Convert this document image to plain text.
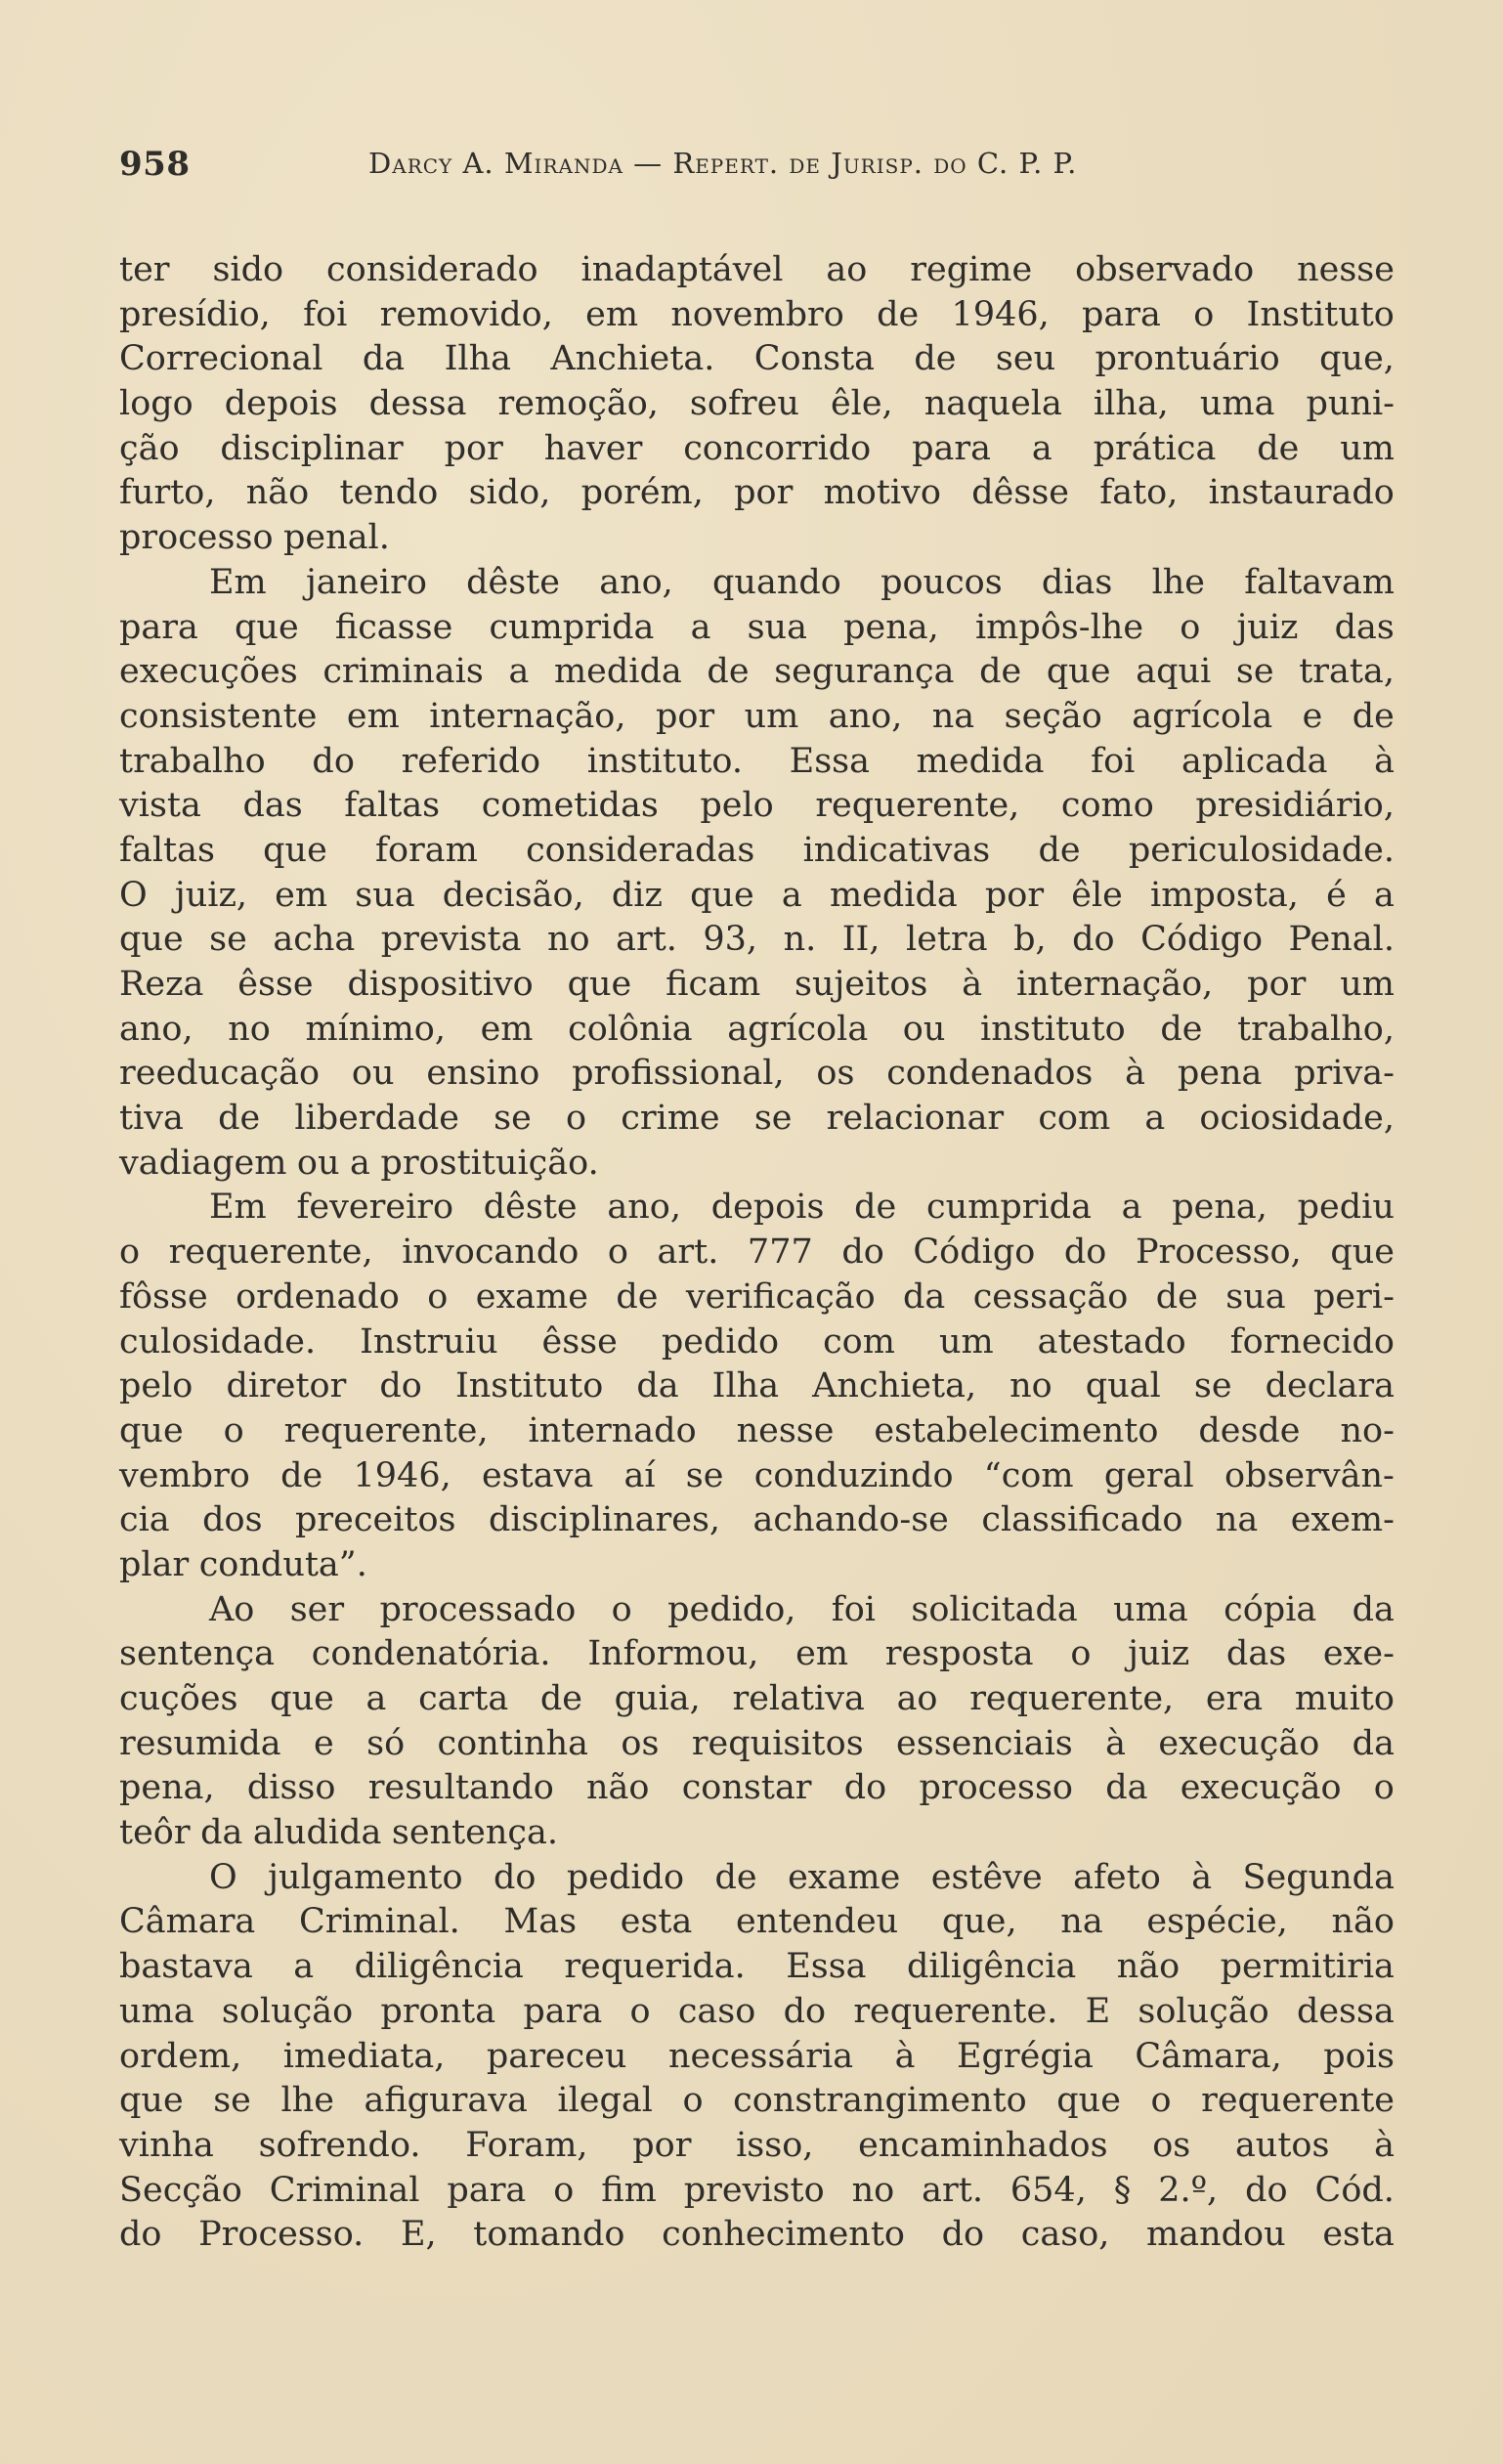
958	Darcy A. Miranda — Repert. de Jurisp. do C. P. P.
ter sido considerado inadaptável ao regime observado nesse
presídio, foi removido, em novembro de 1946, para o Instituto
Correcional da Ilha Anchieta. Consta de seu prontuário que,
logo depois dessa remoção, sofreu êle, naquela ilha, uma puni-
ção disciplinar por haver concorrido para a prática de um
furto, não tendo sido, porém, por motivo dêsse fato, instaurado
processo penal.
Em janeiro dêste ano, quando poucos dias lhe faltavam
para que ficasse cumprida a sua pena, impôs-lhe o juiz das
execuções criminais a medida de segurança de que aqui se trata,
consistente em internação, por um ano, na seção agrícola e de
trabalho do referido instituto. Essa medida foi aplicada à
vista das faltas cometidas pelo requerente, como presidiário,
faltas que foram consideradas indicativas de periculosidade.
O juiz, em sua decisão, diz que a medida por êle imposta, é a
que se acha prevista no art. 93, n. II, letra b, do Código Penal.
Reza êsse dispositivo que ficam sujeitos à internação, por um
ano, no mínimo, em colônia agrícola ou instituto de trabalho,
reeducação ou ensino profissional, os condenados à pena priva-
tiva de liberdade se o crime se relacionar com a ociosidade,
vadiagem ou a prostituição.
Em fevereiro dêste ano, depois de cumprida a pena, pediu
o requerente, invocando o art. 777 do Código do Processo, que
fôsse ordenado o exame de verificação da cessação de sua peri-
culosidade. Instruiu êsse pedido com um atestado fornecido
pelo diretor do Instituto da Ilha Anchieta, no qual se declara
que o requerente, internado nesse estabelecimento desde no-
vembro de 1946, estava aí se conduzindo “com geral observân-
cia dos preceitos disciplinares, achando-se classificado na exem-
plar conduta”.
Ao ser processado o pedido, foi solicitada uma cópia da
sentença condenatória. Informou, em resposta o juiz das exe-
cuções que a carta de guia, relativa ao requerente, era muito
resumida e só continha os requisitos essenciais à execução da
pena, disso resultando não constar do processo da execução o
teôr da aludida sentença.
O julgamento do pedido de exame estêve afeto à Segunda
Câmara Criminal. Mas esta entendeu que, na espécie, não
bastava a diligência requerida. Essa diligência não permitiria
uma solução pronta para o caso do requerente. E solução dessa
ordem, imediata, pareceu necessária à Egrégia Câmara, pois
que se lhe afigurava ilegal o constrangimento que o requerente
vinha sofrendo. Foram, por isso, encaminhados os autos à
Secção Criminal para o fim previsto no art. 654, § 2.º, do Cód.
do Processo. E, tomando conhecimento do caso, mandou esta
